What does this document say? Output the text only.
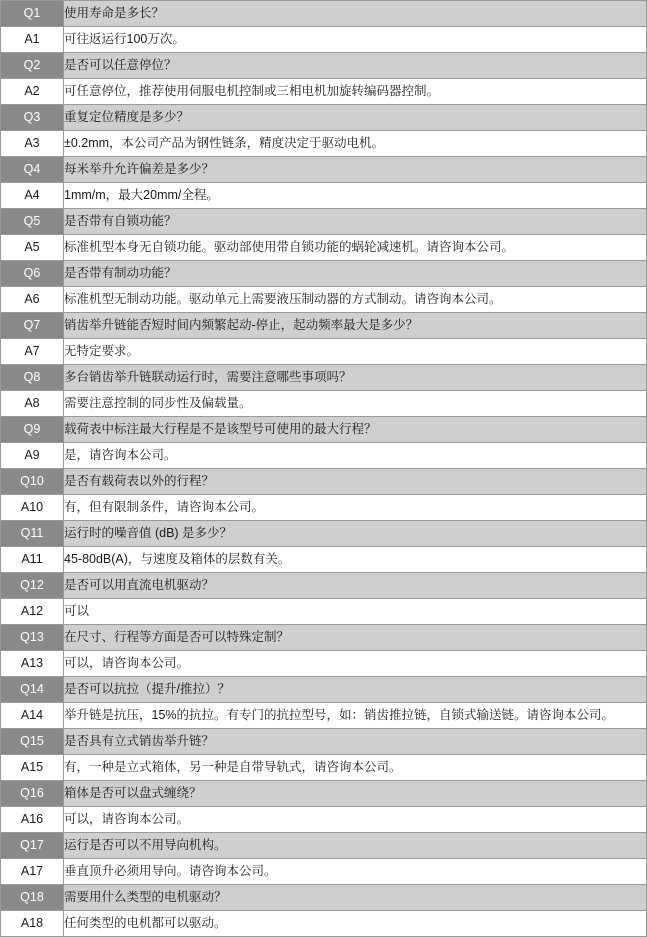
Q1	使用寿命是多长？
A1	可往返运行100万次。
Q2	是否可以任意停位？
A2	可任意停位，推荐使用伺服电机控制或三相电机加旋转编码器控制。
Q3	重复定位精度是多少？
A3	±0.2mm，本公司产品为钢性链条，精度决定于驱动电机。
Q4	每米举升允许偏差是多少？
A4	1mm/m，最大20mm/全程。
Q5	是否带有自锁功能？
A5	标准机型本身无自锁功能。驱动部使用带自锁功能的蜗轮减速机。请咨询本公司。
Q6	是否带有制动功能？
A6	标准机型无制动功能。驱动单元上需要液压制动器的方式制动。请咨询本公司。
Q7	销齿举升链能否短时间内频繁起动-停止，起动频率最大是多少？
A7	无特定要求。
Q8	多台销齿举升链联动运行时，需要注意哪些事项吗？
A8	需要注意控制的同步性及偏载量。
Q9	载荷表中标注最大行程是不是该型号可使用的最大行程？
A9	是，请咨询本公司。
Q10	是否有载荷表以外的行程？
A10	有，但有限制条件，请咨询本公司。
Q11	运行时的噪音值 (dB) 是多少？
A11	45-80dB(A)，与速度及箱体的层数有关。
Q12	是否可以用直流电机驱动？
A12	可以
Q13	在尺寸、行程等方面是否可以特殊定制？
A13	可以，请咨询本公司。
Q14	是否可以抗拉（提升/推拉）？
A14	举升链是抗压，15%的抗拉。有专门的抗拉型号，如：销齿推拉链，自锁式输送链。请咨询本公司。
Q15	是否具有立式销齿举升链？
A15	有，一种是立式箱体，另一种是自带导轨式，请咨询本公司。
Q16	箱体是否可以盘式缠绕？
A16	可以，请咨询本公司。
Q17	运行是否可以不用导向机构。
A17	垂直顶升必须用导向。请咨询本公司。
Q18	需要用什么类型的电机驱动？
A18	任何类型的电机都可以驱动。
